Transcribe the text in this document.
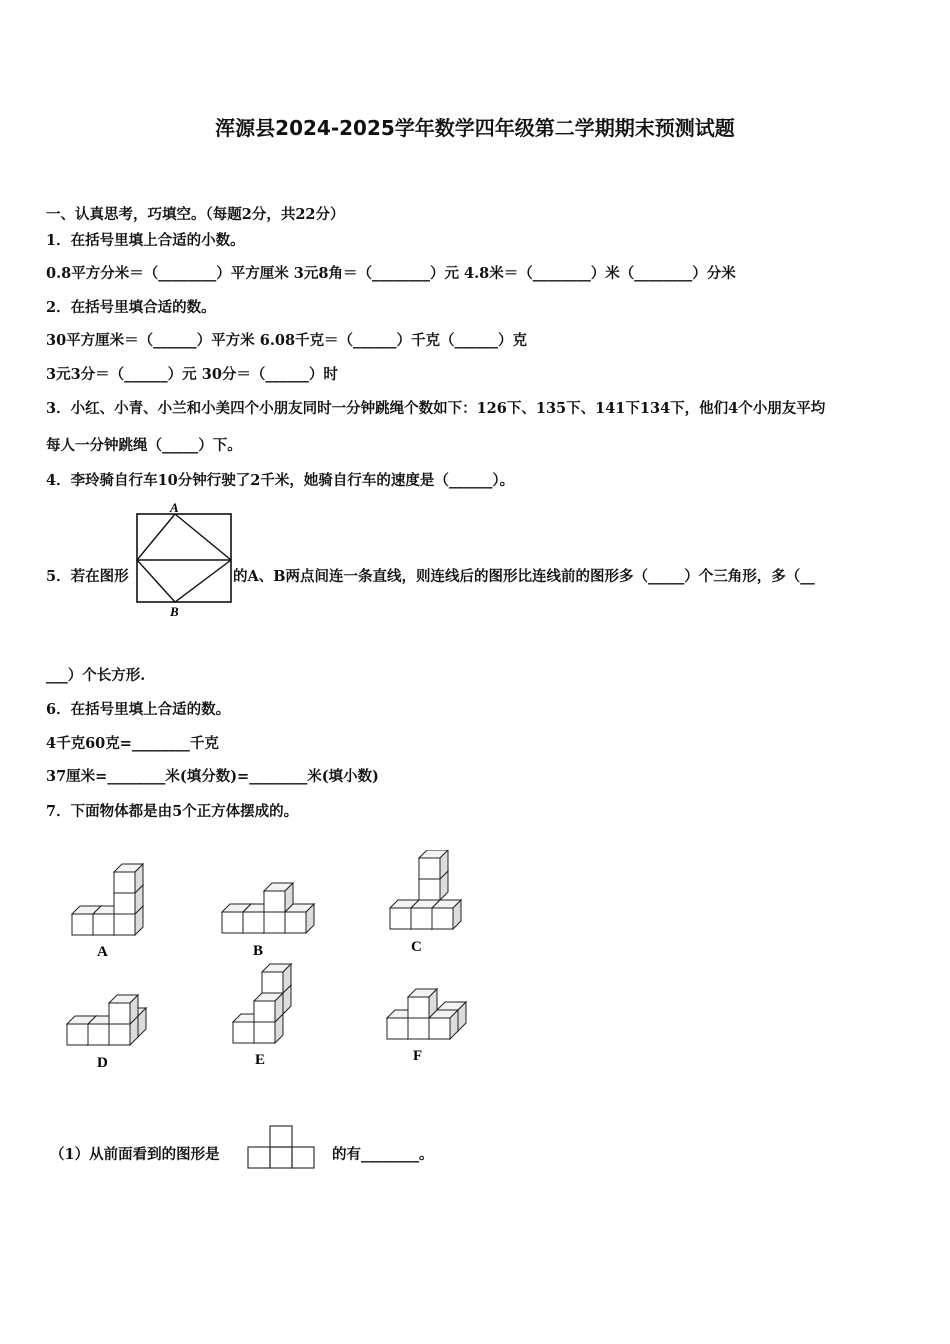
浑源县2024-2025学年数学四年级第二学期期末预测试题
一、认真思考，巧填空。（每题2分，共22分）
1．在括号里填上合适的小数。
0.8平方分米＝（________）平方厘米 3元8角＝（________）元 4.8米＝（________）米（________）分米
2．在括号里填合适的数。
30平方厘米＝（______）平方米 6.08千克＝（______）千克（______）克
3元3分＝（______）元 30分＝（______）时
3．小红、小青、小兰和小美四个小朋友同时一分钟跳绳个数如下：126下、135下、141下134下，他们4个小朋友平均
每人一分钟跳绳（_____）下。
4．李玲骑自行车10分钟行驶了2千米，她骑自行车的速度是（______）。
5．若在图形
A
B
的A、B两点间连一条直线，则连线后的图形比连线前的图形多（_____）个三角形，多（__
___）个长方形.
6．在括号里填上合适的数。
4千克60克=________千克
37厘米=________米(填分数)=________米(填小数)
7．下面物体都是由5个正方体摆成的。
A	B	C
D	E	F
（1）从前面看到的图形是	的有________。
